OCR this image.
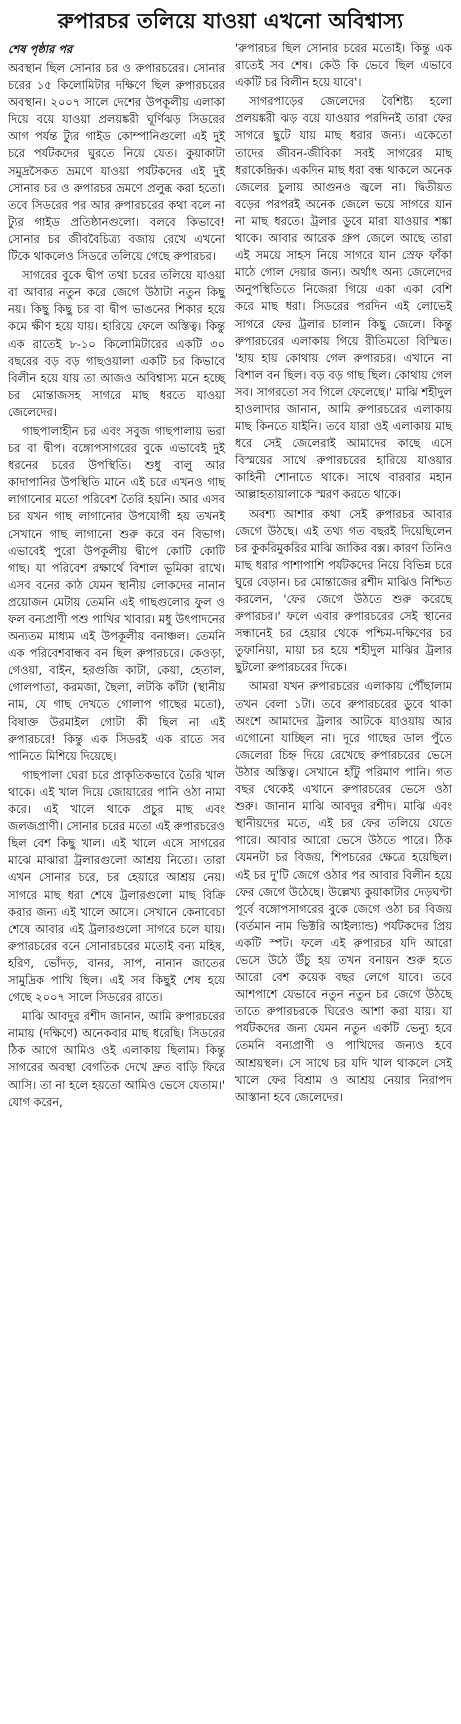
রুপারচর তলিয়ে যাওয়া এখনো অবিশ্বাস্য
শেষ পৃষ্ঠার পর

অবস্থান ছিল সোনার চর ও রুপারচরের। সোনার চরের ১৫ কিলোমিটার দক্ষিণে ছিল রুপারচরের অবস্থান। ২০০৭ সালে দেশের উপকূলীয় এলাকা দিয়ে বয়ে যাওয়া প্রলয়ঙ্করী ঘূর্ণিঝড় সিডরের আগ পর্যন্ত ট্যুর গাইড কোম্পানিগুলো এই দুই চরে পর্যটকদের ঘুরতে নিয়ে যেত। কুয়াকাটা সমুদ্রসৈকত ভ্রমণে যাওয়া পর্যটকদের এই দুই সোনার চর ও রুপারচর ভ্রমণে প্রলুব্ধ করা হতো। তবে সিডরের পর আর রুপারচরের কথা বলে না ট্যুর গাইড প্রতিষ্ঠানগুলো। বলবে কিভাবে! সোনার চর জীববৈচিত্র্য বজায় রেখে এখনো টিকে থাকলেও সিডরে তলিয়ে গেছে রুপারচর।

সাগরের বুকে দ্বীপ তথা চরের তলিয়ে যাওয়া বা আবার নতুন করে জেগে উঠাটা নতুন কিছু নয়। কিছু কিছু চর বা দ্বীপ ভাঙনের শিকার হয়ে কমে ক্ষীণ হয়ে যায়। হারিয়ে ফেলে অস্তিত্ব। কিন্তু এক রাতেই ৮-১০ কিলোমিটারের একটি ৩০ বছরের বড় বড় গাছওয়ালা একটি চর কিভাবে বিলীন হয়ে যায় তা আজও অবিশ্বাস্য মনে হচ্ছে চর মোন্তাজসহ সাগরে মাছ ধরতে যাওয়া জেলেদের।

গাছপালাহীন চর এবং সবুজ গাছপালায় ভরা চর বা দ্বীপ। বঙ্গোপসাগরের বুকে এভাবেই দুই ধরনের চরের উপস্থিতি। শুধু বালু আর কাদাপানির উপস্থিতি মানে এই চরে এখনও গাছ লাগানোর মতো পরিবেশ তৈরি হয়নি। আর এসব চর যখন গাছ লাগানোর উপযোগী হয় তখনই সেখানে গাছ লাগানো শুরু করে বন বিভাগ। এভাবেই পুরো উপকূলীয় দ্বীপে কোটি কোটি গাছ। যা পরিবেশ রক্ষার্থে বিশাল ভূমিকা রাখে। এসব বনের কাঠ যেমন স্থানীয় লোকদের নানান প্রয়োজন মেটায় তেমনি এই গাছগুলোর ফুল ও ফল বন্যপ্রাণী পশু পাখির খাবার। মধু উৎপাদনের অন্যতম মাধ্যম এই উপকূলীয় বনাঞ্চল। তেমনি এক পরিবেশবান্ধব বন ছিল রুপারচরে। কেওড়া, গেওয়া, বাইন, হরগুজি কাটা, কেয়া, হেতাল, গোলপাতা, করমজা, ছৈলা, লটকি কাঁটা (স্থানীয় নাম, যে গাছ দেখতে গোলাপ গাছের মতো), বিষাক্ত উরমাইল গোটা কী ছিল না এই রুপারচরে! কিন্তু এক সিডরই এক রাতে সব পানিতে মিশিয়ে দিয়েছে।

গাছপালা ঘেরা চরে প্রাকৃতিকভাবে তৈরি খাল থাকে। এই খাল দিয়ে জোয়ারের পানি ওঠা নামা করে। এই খালে থাকে প্রচুর মাছ এবং জলজপ্রাণী। সোনার চরের মতো এই রুপারচরেও ছিল বেশ কিছু খাল। এই খালে এসে সাগরের মাঝে মাঝারা ট্রলারগুলো আশ্রয় নিতো। তারা এখন সোনার চরে, চর হেয়ারে আশ্রয় নেয়। সাগরে মাছ ধরা শেষে ট্রলারগুলো মাছ বিক্রি করার জন্য এই খালে আসে। সেখানে কেনাবেচা শেষে আবার এই ট্রলারগুলো সাগরে চলে যায়। রুপারচরের বনে সোনারচরের মতোই বন্য মহিষ, হরিণ, ভোঁদড়, বানর, সাপ, নানান জাতের সামুদ্রিক পাখি ছিল। এই সব কিছুই শেষ হয়ে গেছে ২০০৭ সালে সিডরের রাতে।

মাঝি আবদুর রশীদ জানান, আমি রুপারচরের নামায় (দক্ষিণে) অনেকবার মাছ ধরেছি। সিডরের ঠিক আগে আমিও ওই এলাকায় ছিলাম। কিন্তু সাগরের অবস্থা বেগতিক দেখে দ্রুত বাড়ি ফিরে আসি। তা না হলে হয়তো আমিও ভেসে যেতাম।' যোগ করেন,

'রুপারচর ছিল সোনার চরের মতোই। কিন্তু এক রাতেই সব শেষ। কেউ কি ভেবে ছিল এভাবে একটি চর বিলীন হয়ে যাবে'।

সাগরপাড়ের জেলেদের বৈশিষ্ট্য হলো প্রলয়ঙ্করী ঝড় বয়ে যাওয়ার পরদিনই তারা ফের সাগরে ছুটে যায় মাছ ধরার জন্য। একেতো তাদের জীবন-জীবিকা সবই সাগরের মাছ ধরাকেন্দ্রিক। একদিন মাছ ধরা বন্ধ থাকলে অনেক জেলের চুলায় আগুনও জ্বলে না। দ্বিতীয়ত বড়ের পরপরই অনেক জেলে ভয়ে সাগরে যান না মাছ ধরতে। ট্রলার ডুবে মারা যাওয়ার শঙ্কা থাকে। আবার আরেক গ্রুপ জেলে আছে তারা এই সময়ে সাহস নিয়ে সাগরে যান স্রেফ ফাঁকা মাঠে গোল দেয়ার জন্য। অর্থাৎ অন্য জেলেদের অনুপস্থিতিতে নিজেরা গিয়ে একা একা বেশি করে মাছ ধরা। সিডরের পরদিন এই লোভেই সাগরে ফের ট্রলার চালান কিছু জেলে। কিন্তু রুপারচরের এলাকায় গিয়ে রীতিমতো বিস্মিত। 'হায় হায় কোথায় গেল রুপারচর। এখানে না বিশাল বন ছিল। বড় বড় গাছ ছিল। কোথায় গেল সব। সাগরতো সব গিলে ফেলেছে।' মাঝি শহীদুল হাওলাদার জানান, আমি রুপারচরের এলাকায় মাছ কিনতে যাইনি। তবে যারা ওই এলাকায় মাছ ধরে সেই জেলেরাই আমাদের কাছে এসে বিস্ময়ের সাথে রুপারচরের হারিয়ে যাওয়ার কাহিনী শোনাতে থাকে। সাথে বারবার মহান আল্লাহতায়ালাকে স্মরণ করতে থাকে।

অবশ্য আশার কথা সেই রুপারচর আবার জেগে উঠছে। এই তথ্য গত বছরই দিয়েছিলেন চর কুকরিমুকরির মাঝি জাকির বক্স। কারণ তিনিও মাছ ধরার পাশাপাশি পর্যটকদের নিয়ে বিভিন্ন চরে ঘুরে বেড়ান। চর মোন্তাজের রশীদ মাঝিও নিশ্চিত করলেন, 'ফের জেগে উঠতে শুরু করেছে রুপারচর।' ফলে এবার রুপারচরের সেই স্থানের সন্ধানেই চর হেয়ার থেকে পশ্চিম-দক্ষিণের চর তুফানিয়া, মায়া চর হয়ে শহীদুল মাঝির ট্রলার ছুটলো রুপারচরের দিকে।

আমরা যখন রুপারচরের এলাকায় পৌঁছালাম তখন বেলা ১টা। তবে রুপারচরের ডুবে থাকা অংশে আমাদের ট্রলার আটকে যাওয়ায় আর এগোনো যাচ্ছিল না। দূরে গাছের ডাল পুঁতে জেলেরা চিহ্ন দিয়ে রেখেছে রুপারচরের ভেসে উঠার অস্তিত্ব। সেখানে হাঁটু পরিমাণ পানি। গত বছর থেকেই এখানে রুপারচরের ভেসে ওঠা শুরু। জানান মাঝি আবদুর রশীদ। মাঝি এবং স্থানীয়দের মতে, এই চর ফের তলিয়ে যেতে পারে। আবার আরো ভেসে উঠতে পারে। ঠিক যেমনটা চর বিজয়, শিপচরের ক্ষেত্রে হয়েছিল। এই চর দু'টি জেগে ওঠার পর আবার বিলীন হয়ে ফের জেগে উঠেছে। উল্লেখ্য কুয়াকাটার দেড়ঘণ্টা পূর্বে বঙ্গোপসাগরের বুকে জেগে ওঠা চর বিজয় (বর্তমান নাম ভিক্টরি আইল্যান্ড) পর্যটকদের প্রিয় একটি স্পট। ফলে এই রুপারচর যদি আরো ভেসে উঠে উঁচু হয় তখন বনায়ন শুরু হতে আরো বেশ কয়েক বছর লেগে যাবে। তবে আশপাশে যেভাবে নতুন নতুন চর জেগে উঠছে তাতে রুপারচরকে ঘিরেও আশা করা যায়। যা পর্যটকদের জন্য যেমন নতুন একটি ভেন্যু হবে তেমনি বন্যপ্রাণী ও পাখিদের জন্যও হবে আশ্রয়স্থল। সে সাথে চর যদি খাল থাকলে সেই খালে ফের বিশ্রাম ও আশ্রয় নেয়ার নিরাপদ আস্তানা হবে জেলেদের।
